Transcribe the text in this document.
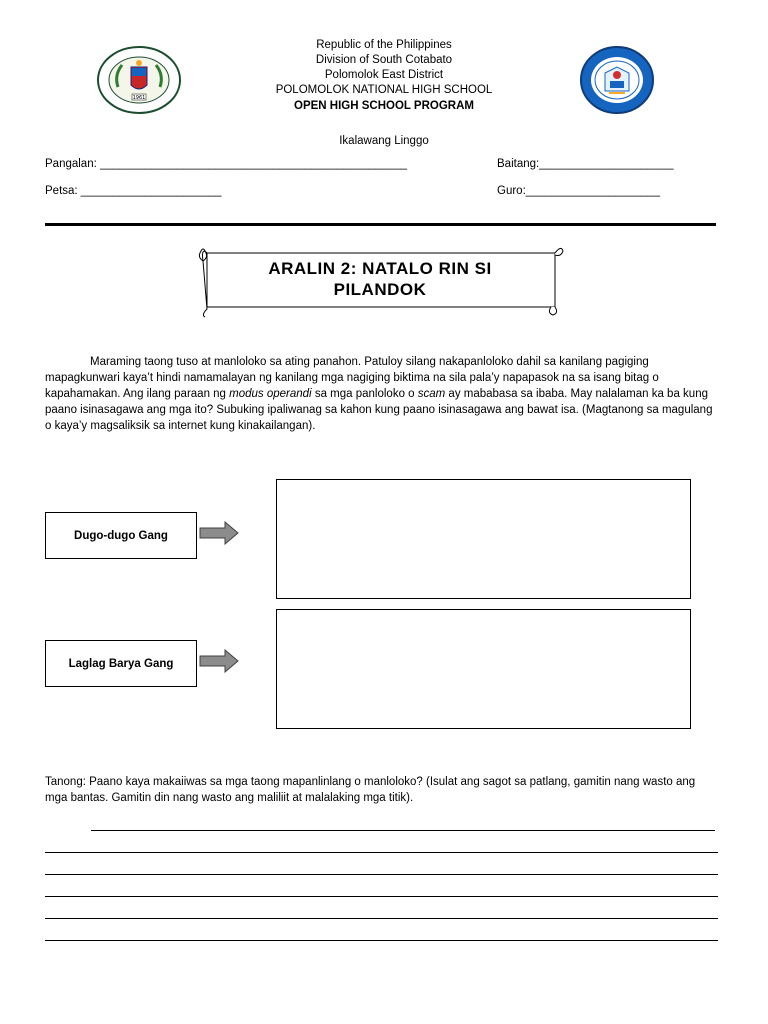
1961
Republic of the Philippines
Division of South Cotabato
Polomolok East District
POLOMOLOK NATIONAL HIGH SCHOOL
OPEN HIGH SCHOOL PROGRAM
Ikalawang Linggo
Pangalan: ________________________________________________	Baitang:_____________________
Petsa: ______________________	Guro:_____________________
ARALIN 2: NATALO RIN SI
PILANDOK
Maraming taong tuso at manloloko sa ating panahon. Patuloy silang nakapanloloko dahil sa kanilang pagiging mapagkunwari kaya’t hindi namamalayan ng kanilang mga nagiging biktima na sila pala’y napapasok na sa isang bitag o kapahamakan. Ang ilang paraan ng modus operandi sa mga panloloko o scam ay mababasa sa ibaba. May nalalaman ka ba kung paano isinasagawa ang mga ito? Subuking ipaliwanag sa kahon kung paano isinasagawa ang bawat isa. (Magtanong sa magulang o kaya’y magsaliksik sa internet kung kinakailangan).
Dugo-dugo Gang
Laglag Barya Gang
Tanong: Paano kaya makaiiwas sa mga taong mapanlinlang o manloloko? (Isulat ang sagot sa patlang, gamitin nang wasto ang mga bantas. Gamitin din nang wasto ang maliliit at malalaking mga titik).
